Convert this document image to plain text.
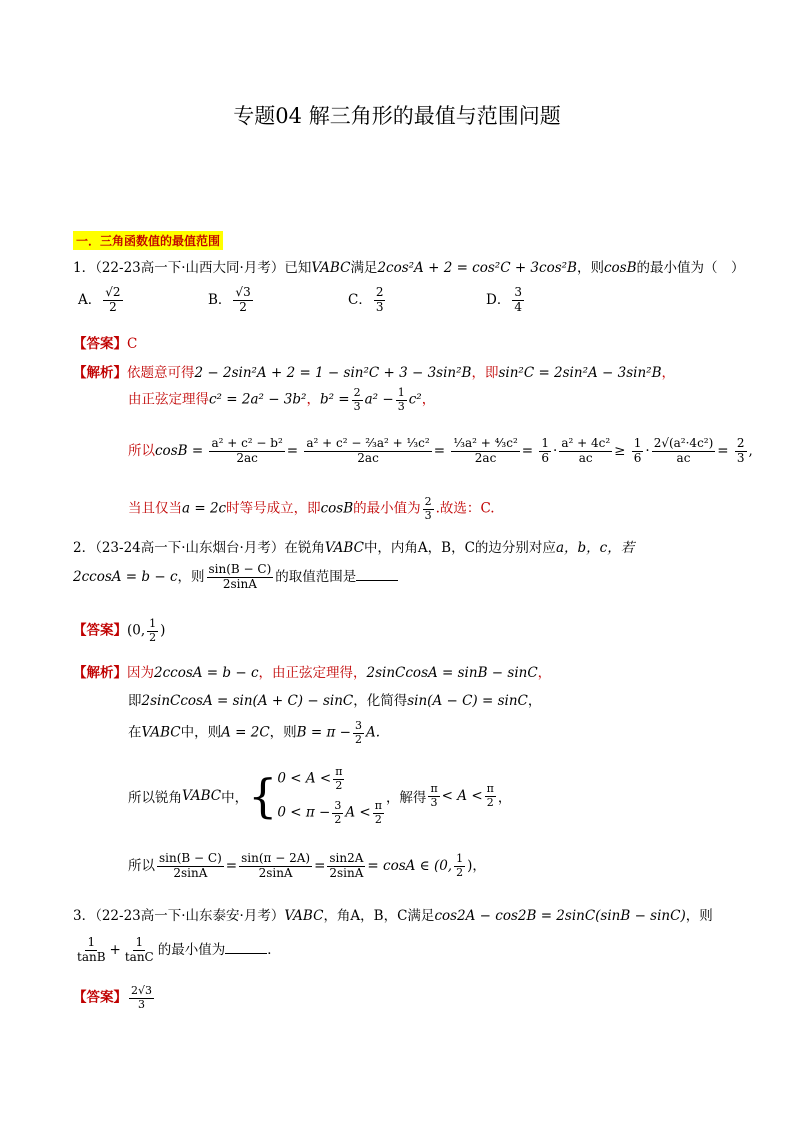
专题04 解三角形的最值与范围问题
一．三角函数值的最值范围
1．（22-23高一下·山西大同·月考）已知VABC满足2cos²A + 2 = cos²C + 3cos²B，则cosB的最小值为（　）
A． $\frac{√2}{2}$	B． $\frac{√3}{2}$	C． $\frac{2}{3}$	D． $\frac{3}{4}$
【答案】C
【解析】依题意可得2 − 2sin²A + 2 = 1 − sin²C + 3 − 3sin²B，即sin²C = 2sin²A − 3sin²B，
由正弦定理得c² = 2a² − 3b²，$b^2 = \frac{2}{3} a^2 - \frac{1}{3} c^2$，
所以$\cos B = \frac{\text{a² + c² − b²}}{2ac} = \frac{\text{a² + c² − ⅔a² + ⅓c²}}{2ac} = \frac{\text{⅓a² + ⁴⁄₃c²}}{2ac} = \frac{1}{6} \cdot \frac{\text{a² + 4c²}}{ac} \ge \frac{1}{6} \cdot \frac{\text{2√(a²·4c²)}}{ac} = \frac{2}{3}$ ,
当且仅当a = 2c时等号成立，即cosB的最小值为 $\frac{2}{3}$ .故选：C.
2．（23-24高一下·山东烟台·月考）在锐角VABC中，内角A，B，C的边分别对应a，b，c，若
2ccosA = b − c，则 $\frac{\sin(B - C)}{2\sin A}$ 的取值范围是
【答案】(0, $\frac{1}{2}$ )
【解析】因为2ccosA = b − c，由正弦定理得，2sinCcosA = sinB − sinC，
即2sinCcosA = sin(A + C) − sinC，化简得sin(A − C) = sinC，
在VABC中，则A = 2C，则$B = \pi - \frac{3}{2} A$.
所以锐角 VABC 中， { $0 < A < \frac{\pi}{2}$
$0 < \pi - \frac{3}{2}$ $A < \frac{\pi}{2}$
，解得 $\frac{\pi}{3} < A < \frac{\pi}{2}$ ，
所以 $\frac{\sin(B - C)}{2\sin A} = \frac{\sin(\pi - 2A)}{2\sin A} = \frac{\sin 2A}{2\sin A} = \cos A$ ∈ (0, $\frac{1}{2}$ )，
3．（22-23高一下·山东泰安·月考）VABC，角A，B，C满足cos2A − cos2B = 2sinC(sinB − sinC)，则
$\frac{1}{\tan B} + \frac{1}{\tan C}$ 的最小值为	．
【答案】 $\frac{2√3}{3}$
